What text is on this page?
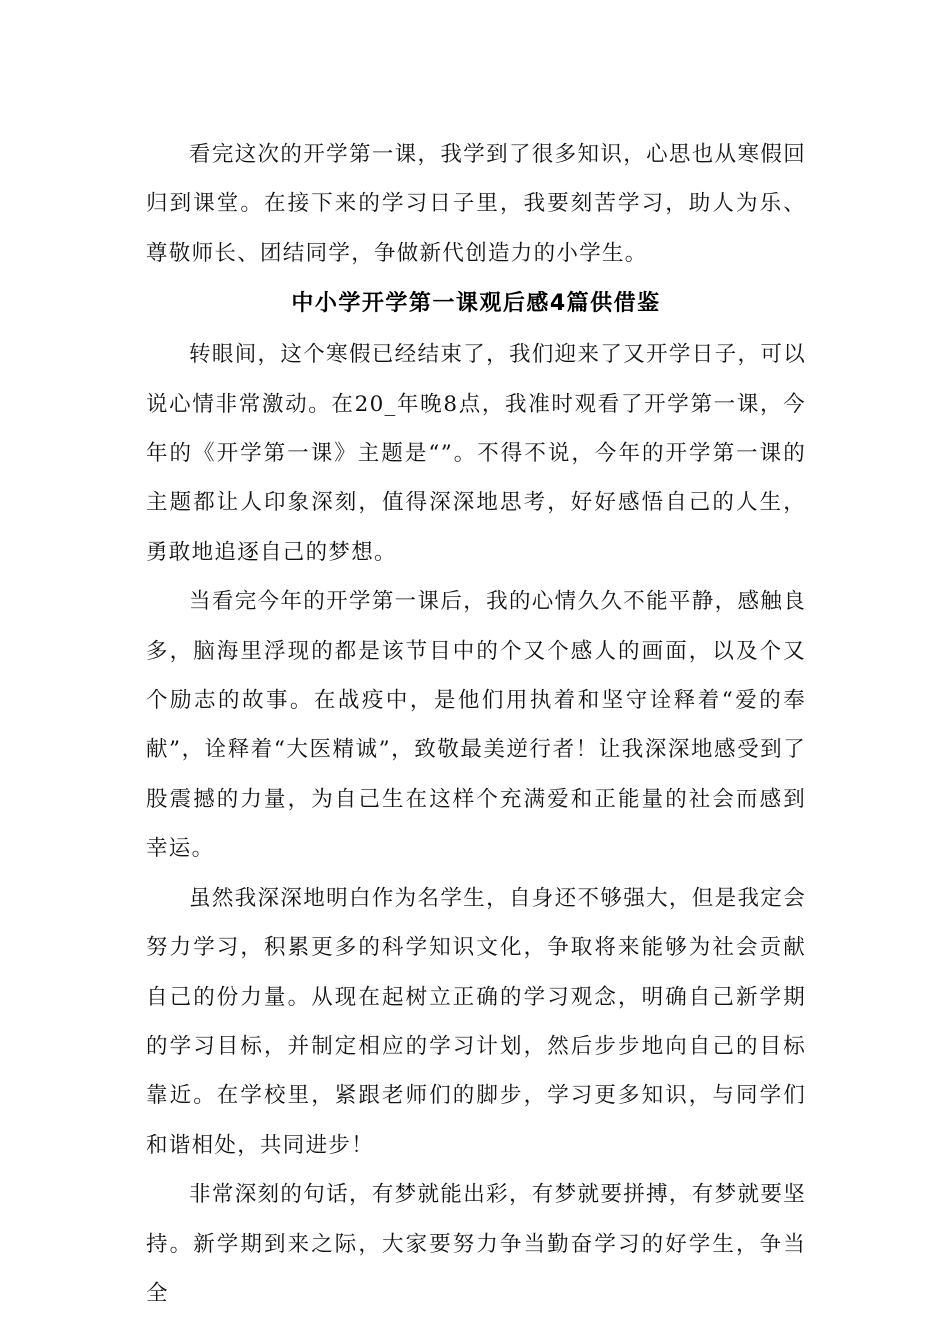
看完这次的开学第一课，我学到了很多知识，心思也从寒假回归到课堂。在接下来的学习日子里，我要刻苦学习，助人为乐、尊敬师长、团结同学，争做新代创造力的小学生。

中小学开学第一课观后感4篇供借鉴

转眼间，这个寒假已经结束了，我们迎来了又开学日子，可以说心情非常激动。在20_年晚8点，我准时观看了开学第一课，今年的《开学第一课》主题是“”。不得不说，今年的开学第一课的主题都让人印象深刻，值得深深地思考，好好感悟自己的人生，勇敢地追逐自己的梦想。

当看完今年的开学第一课后，我的心情久久不能平静，感触良多，脑海里浮现的都是该节目中的个又个感人的画面，以及个又个励志的故事。在战疫中，是他们用执着和坚守诠释着“爱的奉献”，诠释着“大医精诚”，致敬最美逆行者！让我深深地感受到了股震撼的力量，为自己生在这样个充满爱和正能量的社会而感到幸运。

虽然我深深地明白作为名学生，自身还不够强大，但是我定会努力学习，积累更多的科学知识文化，争取将来能够为社会贡献自己的份力量。从现在起树立正确的学习观念，明确自己新学期的学习目标，并制定相应的学习计划，然后步步地向自己的目标靠近。在学校里，紧跟老师们的脚步，学习更多知识，与同学们和谐相处，共同进步！

非常深刻的句话，有梦就能出彩，有梦就要拼搏，有梦就要坚持。新学期到来之际，大家要努力争当勤奋学习的好学生，争当全
